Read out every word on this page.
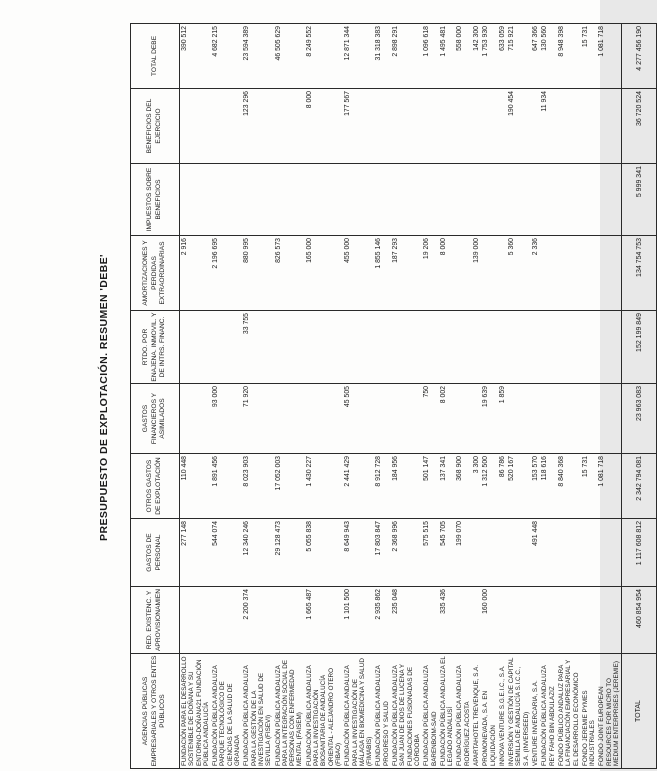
PRESUPUESTO DE EXPLOTACIÓN. RESUMEN 'DEBE'
AGENCIAS PÚBLICAS EMPRESARIALES Y OTROS ENTES PÚBLICOS	RED. EXISTENC. Y APROVISIONAMIEN	GASTOS DE PERSONAL	OTROS GASTOS DE EXPLOTACIÓN	GASTOS FINANCIEROS Y ASIMILADOS	RTDO. POR ENAJENA. INMOVIL. Y DE INTRS. FINANC.	AMORTIZACIONES Y PERDIDAS EXTRAORDINARIAS	IMPUESTOS SOBRE BENEFICIOS	BENEFICIOS DEL EJERCICIO	TOTAL DEBE
FUNDACIÓN PARA EL DESARROLLO SOSTENIBLE DE DOÑANA Y SU ENTORNO-DOÑANA21 FUNDACIÓN PÚBLICA ANDALUCÍA		277 148	110 448			2 916			390 512
FUNDACIÓN PÚBLICA ANDALUZA PARQUE TECNOLÓGICO DE CIENCIAS DE LA SALUD DE GRANADA		544 074	1 891 456	93 000		2 196 695			4 682 215
FUNDACIÓN PÚBLICA ANDALUZA PARA LA GESTIÓN DE LA INVESTIGACIÓN EN SALUD DE SEVILLA (FISEVI)	2 200 374	12 340 246	8 023 903	71 920	33 755	880 995		123 296	23 594 389
FUNDACIÓN PÚBLICA ANDALUZA PARA LA INTEGRACIÓN SOCIAL DE PERSONAS CON ENFERMEDAD MENTAL (FAISEM)		29 128 473	17 052 003			826 573			46 505 629
FUNDACIÓN PÚBLICA ANDALUZA PARA LA INVESTIGACIÓN BIOSANITARIA DE ANDALUCÍA ORIENTAL - ALEJANDRO OTERO (FIBAO)	1 665 487	5 055 838	1 430 227			165 000		8 000	8 249 552
FUNDACIÓN PÚBLICA ANDALUZA PARA LA INVESTIGACIÓN DE MÁLAGA EN BIOMEDICINA Y SALUD (FIMABIS)	1 101 500	8 649 943	2 441 429	45 505		455 000		177 567	12 871 344
FUNDACIÓN PÚBLICA ANDALUZA PROGRESO Y SALUD	2 935 862	17 803 847	8 912 728			1 855 146			31 318 383
FUNDACIÓN PÚBLICA ANDALUZA SAN JUAN DE DIOS DE LUCENA Y FUNDACIONES FUSIONADAS DE CÓRDOBA	235 048	2 368 996	184 956			187 293			2 898 291
FUNDACIÓN PÚBLICA ANDALUZA BARENBOIM-SAID		575 515	501 147	750		19 206			1 096 618
FUNDACIÓN PÚBLICA ANDALUZA EL LEGADO ANDALUSÍ	335 436	545 705	137 341	8 002		8 000			1 495 481
FUNDACIÓN PÚBLICA ANDALUZA RODRÍGUEZ ACOSTA		199 070	368 900						558 000
APARTAHOTEL TREVENQUE, S.A.			3 300			139 000			142 300
PROMONEVADA, S.A. EN LIQUIDACIÓN	160 000		1 312 500	19 639					1 753 930
INNOVA VENTURE S.G.E.I.C., S.A.			86 786	1 859					633 059
INVERSIÓN Y GESTIÓN DE CAPITAL SEMILLA DE ANDALUCÍA S.I.C.C., S.A. (INVERSEED)			520 167			5 360		190 454	715 921
VENTURE INVERCARIA, S.A.		491 448	153 570			2 336			647 366
FUNDACIÓN PÚBLICA ANDALUZA REY FAHD BIN ABDULAZIZ			118 616					11 934	130 560
FONDO PÚBLICO ANDALUZ PARA LA FINANCIACIÓN EMPRESARIAL Y EL DESARROLLO ECONÓMICO			8 840 368						8 948 398
FONDO JEREMIE PYMES INDUSTRIALES			15 731						15 731
FONDO JOINT EUROPEAN RESOURCES FOR MICRO TO MEDIUM ENTERPRISES (JEREMIE)			1 081 718						1 081 718
TOTAL	460 854 954	1 117 608 812	2 342 794 081	23 963 083	152 199 849	134 754 753	5 999 341	36 720 524	4 277 456 190
